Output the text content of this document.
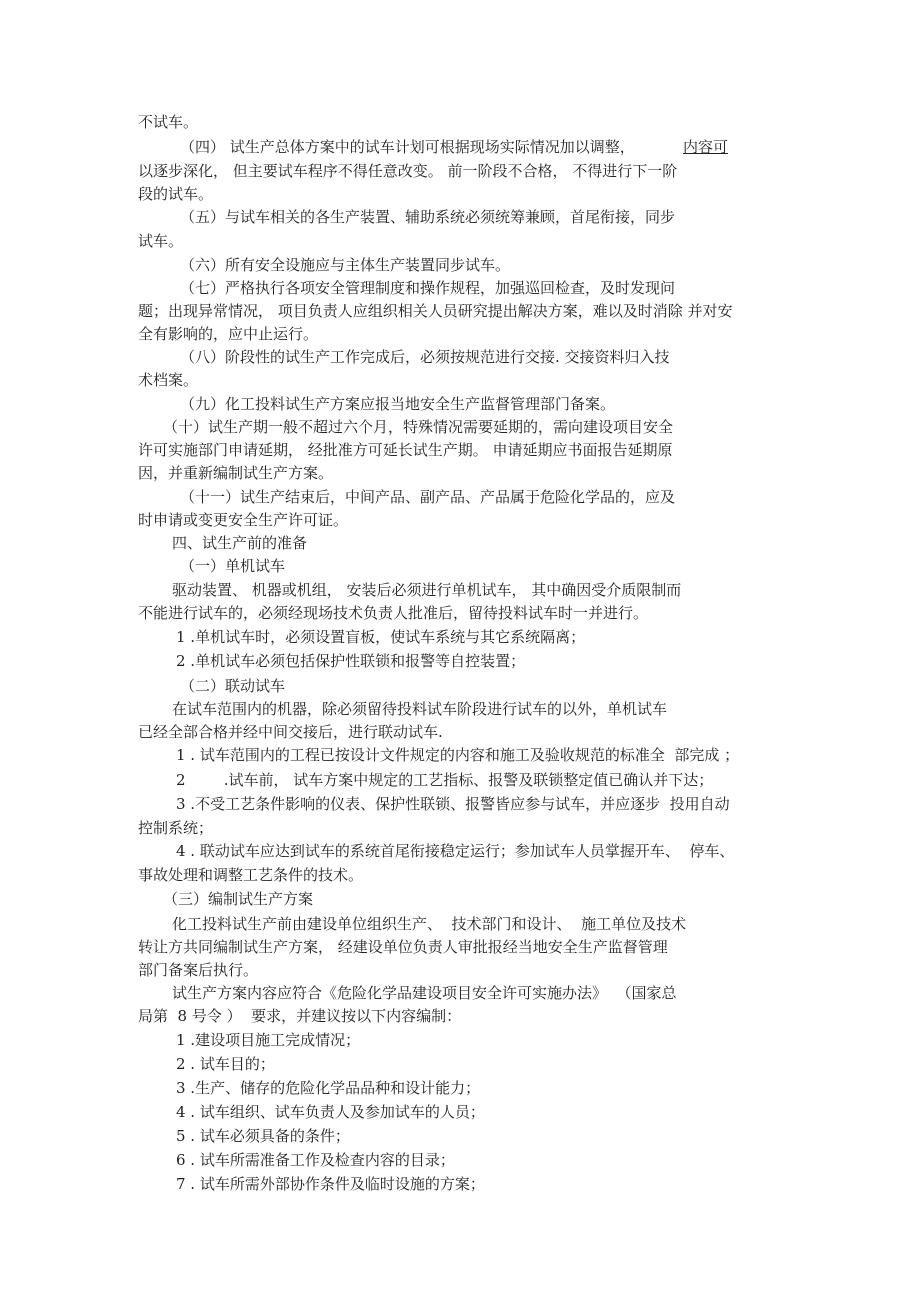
不试车。
（四） 试生产总体方案中的试车计划可根据现场实际情况加以调整，	内容可
以逐步深化， 但主要试车程序不得任意改变。 前一阶段不合格， 不得进行下一阶
段的试车。
（五）与试车相关的各生产装置、辅助系统必须统筹兼顾，首尾衔接，同步
试车。
（六）所有安全设施应与主体生产装置同步试车。
（七）严格执行各项安全管理制度和操作规程，加强巡回检查，及时发现问
题；出现异常情况， 项目负责人应组织相关人员研究提出解决方案，难以及时消除 并对安
全有影响的，应中止运行。
（八）阶段性的试生产工作完成后，必须按规范进行交接. 交接资料归入技
术档案。
（九）化工投料试生产方案应报当地安全生产监督管理部门备案。
（十）试生产期一般不超过六个月，特殊情况需要延期的，需向建设项目安全
许可实施部门申请延期， 经批准方可延长试生产期。 申请延期应书面报告延期原
因，并重新编制试生产方案。
（十一）试生产结束后，中间产品、副产品、产品属于危险化学品的，应及
时申请或变更安全生产许可证。
四、试生产前的准备
（一）单机试车
驱动装置、 机器或机组， 安装后必须进行单机试车， 其中确因受介质限制而
不能进行试车的，必须经现场技术负责人批准后，留待投料试车时一并进行。
1 .单机试车时，必须设置盲板，使试车系统与其它系统隔离；
2 .单机试车必须包括保护性联锁和报警等自控装置；
（二）联动试车
在试车范围内的机器，除必须留待投料试车阶段进行试车的以外，单机试车
已经全部合格并经中间交接后，进行联动试车.
1 . 试车范围内的工程已按设计文件规定的内容和施工及验收规范的标准全  部完成 ；
2        .试车前， 试车方案中规定的工艺指标、报警及联锁整定值已确认并下达；
3 .不受工艺条件影响的仪表、保护性联锁、报警皆应参与试车，并应逐步  投用自动
控制系统；
4 . 联动试车应达到试车的系统首尾衔接稳定运行；参加试车人员掌握开车、  停车、
事故处理和调整工艺条件的技术。
（三）编制试生产方案
化工投料试生产前由建设单位组织生产、  技术部门和设计、  施工单位及技术
转让方共同编制试生产方案， 经建设单位负责人审批报经当地安全生产监督管理
部门备案后执行。
试生产方案内容应符合《危险化学品建设项目安全许可实施办法》  （国家总
局第  8 号令 ）  要求，并建议按以下内容编制：
1 .建设项目施工完成情况；
2 . 试车目的；
3 .生产、储存的危险化学品品种和设计能力；
4 . 试车组织、试车负责人及参加试车的人员；
5 . 试车必须具备的条件；
6 . 试车所需准备工作及检查内容的目录；
7 . 试车所需外部协作条件及临时设施的方案；
